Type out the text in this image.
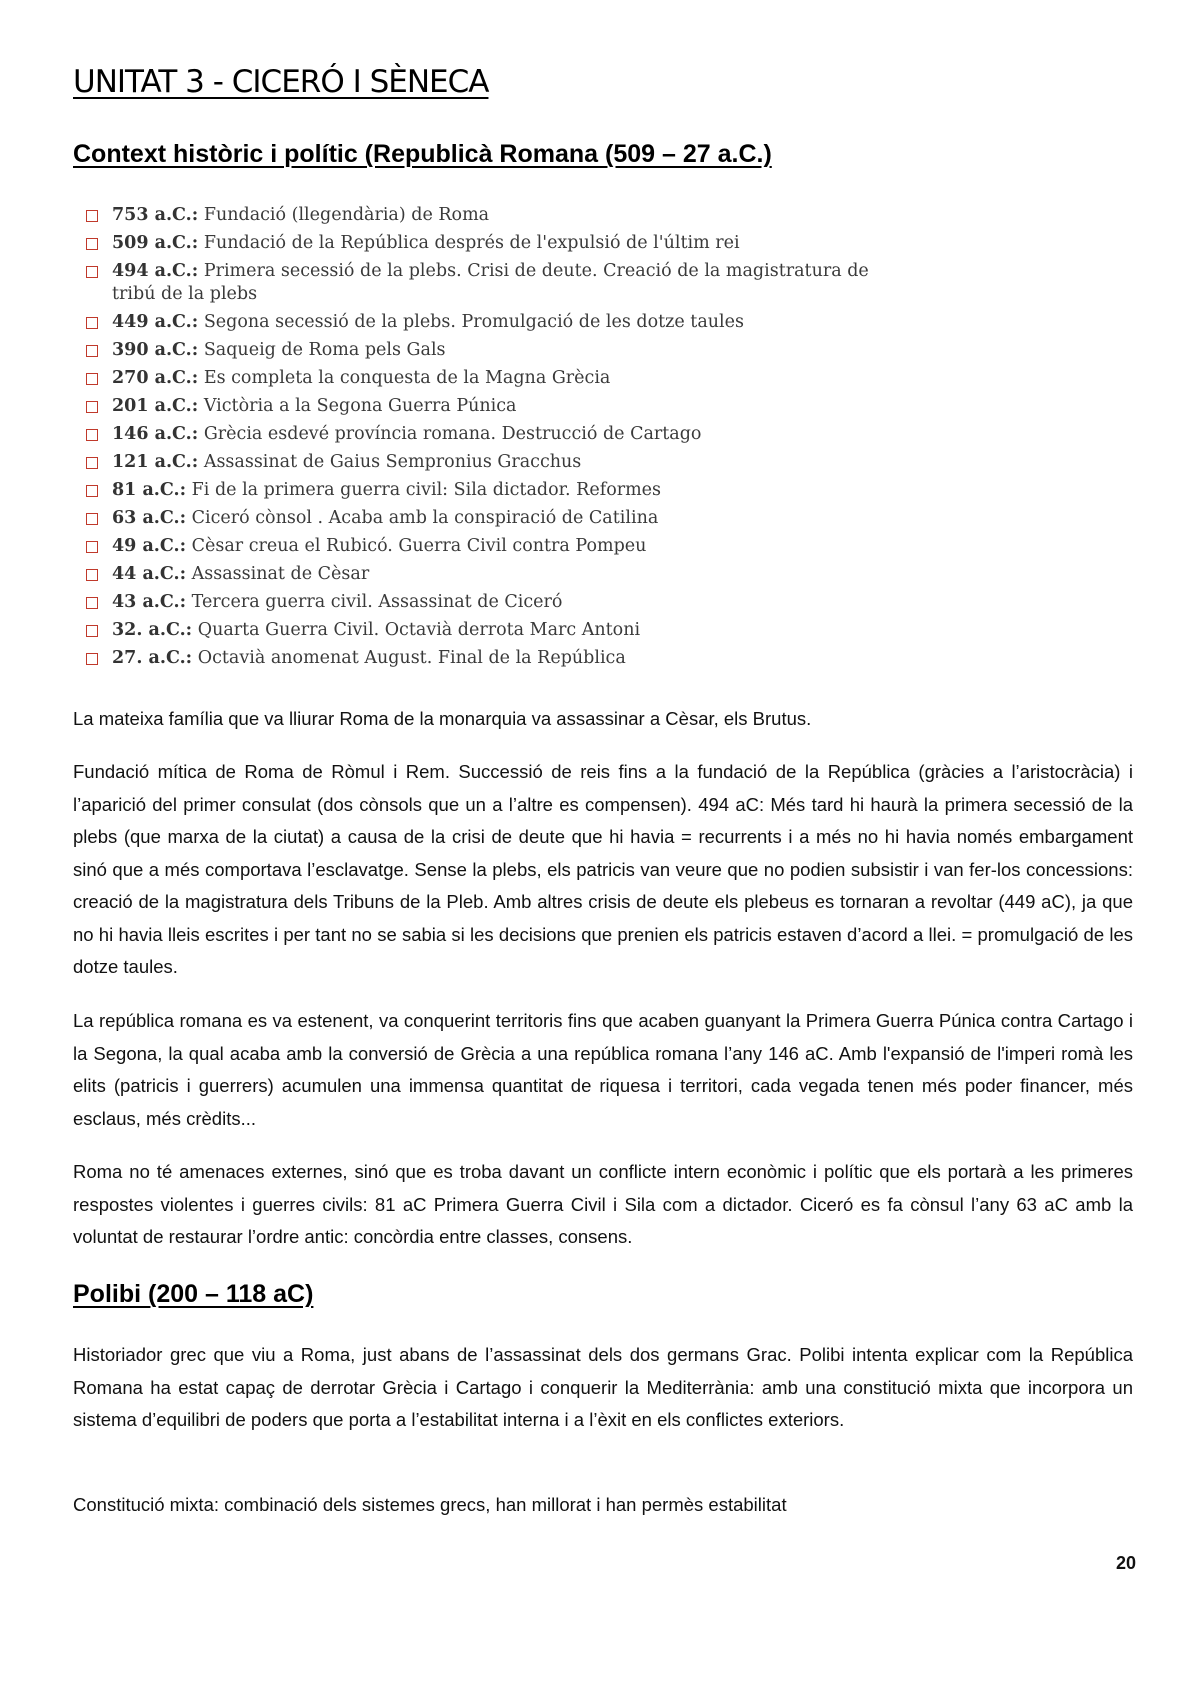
UNITAT 3 - CICERÓ I SÈNECA
Context històric i polític (Republicà Romana (509 – 27 a.C.)
753 a.C.: Fundació (llegendària) de Roma
509 a.C.: Fundació de la República després de l'expulsió de l'últim rei
494 a.C.: Primera secessió de la plebs. Crisi de deute. Creació de la magistratura de tribú de la plebs
449 a.C.: Segona secessió de la plebs. Promulgació de les dotze taules
390 a.C.: Saqueig de Roma pels Gals
270 a.C.: Es completa la conquesta de la Magna Grècia
201 a.C.: Victòria a la Segona Guerra Púnica
146 a.C.: Grècia esdevé província romana. Destrucció de Cartago
121 a.C.: Assassinat de Gaius Sempronius Gracchus
81 a.C.: Fi de la primera guerra civil: Sila dictador. Reformes
63 a.C.: Ciceró cònsol . Acaba amb la conspiració de Catilina
49 a.C.: Cèsar creua el Rubicó. Guerra Civil contra Pompeu
44 a.C.: Assassinat de Cèsar
43 a.C.: Tercera guerra civil. Assassinat de Ciceró
32. a.C.: Quarta Guerra Civil. Octavià derrota Marc Antoni
27. a.C.: Octavià anomenat August. Final de la República

La mateixa família que va lliurar Roma de la monarquia va assassinar a Cèsar, els Brutus.

Fundació mítica de Roma de Ròmul i Rem. Successió de reis fins a la fundació de la República (gràcies a l’aristocràcia) i l’aparició del primer consulat (dos cònsols que un a l’altre es compensen). 494 aC: Més tard hi haurà la primera secessió de la plebs (que marxa de la ciutat) a causa de la crisi de deute que hi havia = recurrents i a més no hi havia només embargament sinó que a més comportava l’esclavatge. Sense la plebs, els patricis van veure que no podien subsistir i van fer-los concessions: creació de la magistratura dels Tribuns de la Pleb. Amb altres crisis de deute els plebeus es tornaran a revoltar (449 aC), ja que no hi havia lleis escrites i per tant no se sabia si les decisions que prenien els patricis estaven d’acord a llei. = promulgació de les dotze taules.

La república romana es va estenent, va conquerint territoris fins que acaben guanyant la Primera Guerra Púnica contra Cartago i la Segona, la qual acaba amb la conversió de Grècia a una república romana l’any 146 aC. Amb l'expansió de l'imperi romà les elits (patricis i guerrers) acumulen una immensa quantitat de riquesa i territori, cada vegada tenen més poder financer, més esclaus, més crèdits...

Roma no té amenaces externes, sinó que es troba davant un conflicte intern econòmic i polític que els portarà a les primeres respostes violentes i guerres civils: 81 aC Primera Guerra Civil i Sila com a dictador. Ciceró es fa cònsul l’any 63 aC amb la voluntat de restaurar l’ordre antic: concòrdia entre classes, consens.

Polibi (200 – 118 aC)

Historiador grec que viu a Roma, just abans de l’assassinat dels dos germans Grac. Polibi intenta explicar com la República Romana ha estat capaç de derrotar Grècia i Cartago i conquerir la Mediterrània: amb una constitució mixta que incorpora un sistema d’equilibri de poders que porta a l’estabilitat interna i a l’èxit en els conflictes exteriors.

Constitució mixta: combinació dels sistemes grecs, han millorat i han permès estabilitat

20
